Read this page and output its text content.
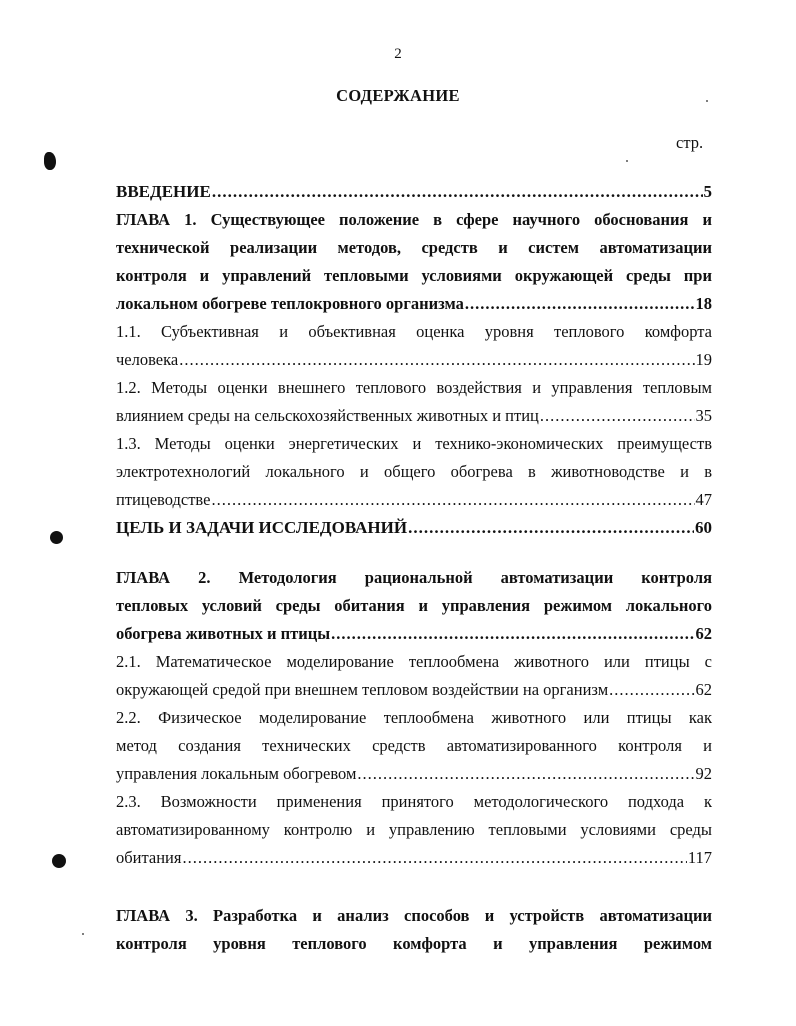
2
СОДЕРЖАНИЕ
стр.
ВВЕДЕНИЕ .....	5
ГЛАВА 1. Существующее положение в сфере научного обоснования и
технической реализации методов, средств и систем автоматизации
контроля и управлений тепловыми условиями окружающей среды при
локальном обогреве теплокровного организма .....	18
1.1. Субъективная и объективная оценка уровня теплового комфорта
человека .....	19
1.2. Методы оценки внешнего теплового воздействия и управления тепловым
влиянием среды на сельскохозяйственных животных и птиц .....	35
1.3. Методы оценки энергетических и технико-экономических преимуществ
электротехнологий локального и общего обогрева в животноводстве и в
птицеводстве .....	47
ЦЕЛЬ И ЗАДАЧИ ИССЛЕДОВАНИЙ .....	60
ГЛАВА 2. Методология рациональной автоматизации контроля
тепловых условий среды обитания и управления режимом локального
обогрева животных и птицы .....	62
2.1. Математическое моделирование теплообмена животного или птицы с
окружающей средой при внешнем тепловом воздействии на организм .....	62
2.2. Физическое моделирование теплообмена животного или птицы как
метод создания технических средств автоматизированного контроля и
управления локальным обогревом .....	92
2.3. Возможности применения принятого методологического подхода к
автоматизированному контролю и управлению тепловыми условиями среды
обитания .....	117
ГЛАВА 3. Разработка и анализ способов и устройств автоматизации
контроля уровня теплового комфорта и управления режимом
